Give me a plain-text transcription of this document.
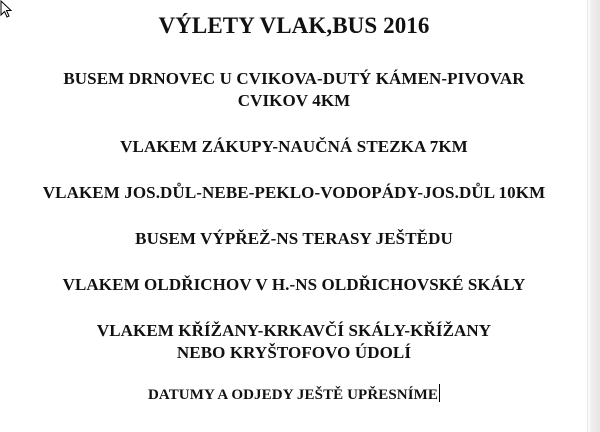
VÝLETY VLAK,BUS 2016
BUSEM DRNOVEC U CVIKOVA-DUTÝ KÁMEN-PIVOVAR
CVIKOV 4KM
VLAKEM ZÁKUPY-NAUČNÁ STEZKA 7KM
VLAKEM JOS.DŮL-NEBE-PEKLO-VODOPÁDY-JOS.DŮL 10KM
BUSEM VÝPŘEŽ-NS TERASY JEŠTĚDU
VLAKEM OLDŘICHOV V H.-NS OLDŘICHOVSKÉ SKÁLY
VLAKEM KŘÍŽANY-KRKAVČÍ SKÁLY-KŘÍŽANY
NEBO KRYŠTOFOVO ÚDOLÍ
DATUMY A ODJEDY JEŠTĚ UPŘESNÍME
